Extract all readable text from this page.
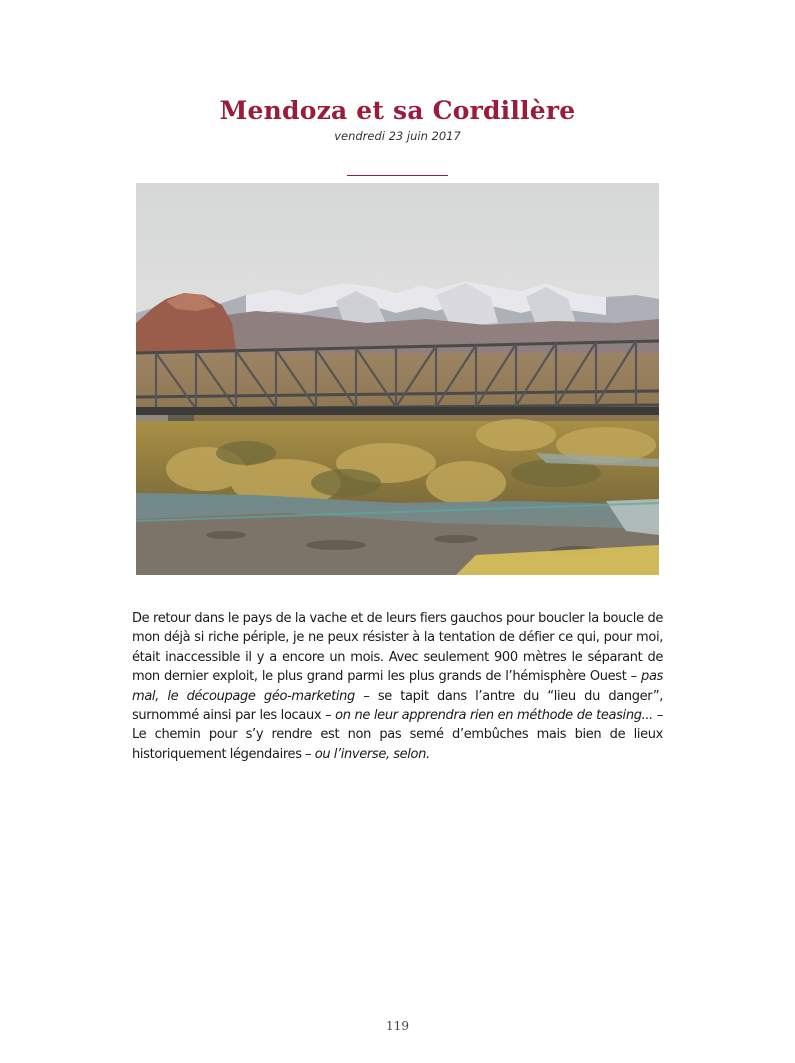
Mendoza et sa Cordillère
vendredi 23 juin 2017

De retour dans le pays de la vache et de leurs fiers gauchos pour boucler la boucle de mon déjà si riche périple, je ne peux résister à la tentation de défier ce qui, pour moi, était inaccessible il y a encore un mois. Avec seulement 900 mètres le séparant de mon dernier exploit, le plus grand parmi les plus grands de l’hémisphère Ouest – pas mal, le découpage géo-marketing – se tapit dans l’antre du “lieu du danger”, surnommé ainsi par les locaux – on ne leur apprendra rien en méthode de teasing... – Le chemin pour s’y rendre est non pas semé d’embûches mais bien de lieux historiquement légendaires – ou l’inverse, selon.

119
